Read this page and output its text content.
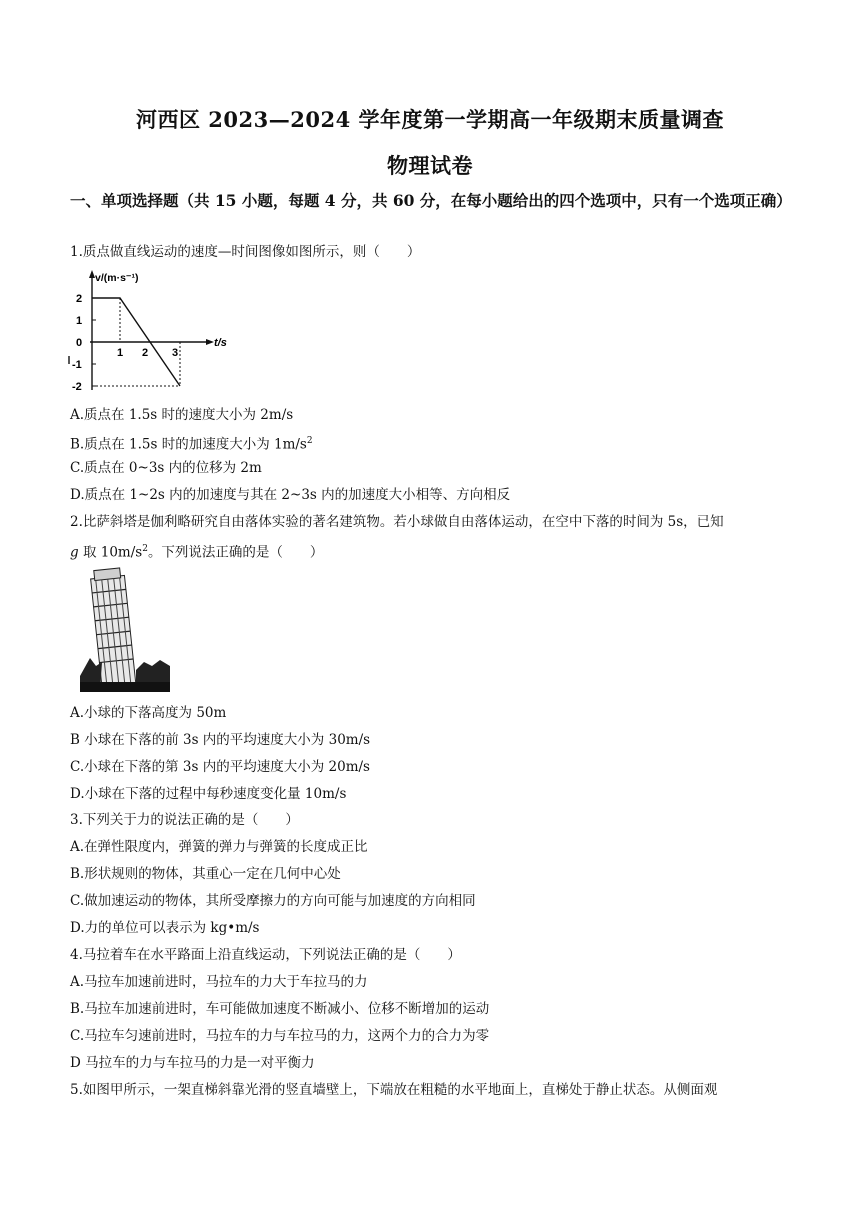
河西区 2023—2024 学年度第一学期高一年级期末质量调查
物理试卷
一、单项选择题（共 15 小题，每题 4 分，共 60 分，在每小题给出的四个选项中，只有一个选项正确）
1.质点做直线运动的速度—时间图像如图所示，则（　　）
v/(m·s⁻¹)
t/s
2
1
0
-1
-2
1 2 3
A.质点在 1.5s 时的速度大小为 2m/s
B.质点在 1.5s 时的加速度大小为 $1m/s^2$
C.质点在 0~3s 内的位移为 2m
D.质点在 1~2s 内的加速度与其在 2~3s 内的加速度大小相等、方向相反
2.比萨斜塔是伽利略研究自由落体实验的著名建筑物。若小球做自由落体运动，在空中下落的时间为 5s，已知
g 取 $10m/s^2$。下列说法正确的是（　　）
A.小球的下落高度为 50m
B 小球在下落的前 3s 内的平均速度大小为 30m/s
C.小球在下落的第 3s 内的平均速度大小为 20m/s
D.小球在下落的过程中每秒速度变化量 10m/s
3.下列关于力的说法正确的是（　　）
A.在弹性限度内，弹簧的弹力与弹簧的长度成正比
B.形状规则的物体，其重心一定在几何中心处
C.做加速运动的物体，其所受摩擦力的方向可能与加速度的方向相同
D.力的单位可以表示为 kg•m/s
4.马拉着车在水平路面上沿直线运动，下列说法正确的是（　　）
A.马拉车加速前进时，马拉车的力大于车拉马的力
B.马拉车加速前进时，车可能做加速度不断减小、位移不断增加的运动
C.马拉车匀速前进时，马拉车的力与车拉马的力，这两个力的合力为零
D 马拉车的力与车拉马的力是一对平衡力
5.如图甲所示，一架直梯斜靠光滑的竖直墙壁上，下端放在粗糙的水平地面上，直梯处于静止状态。从侧面观
